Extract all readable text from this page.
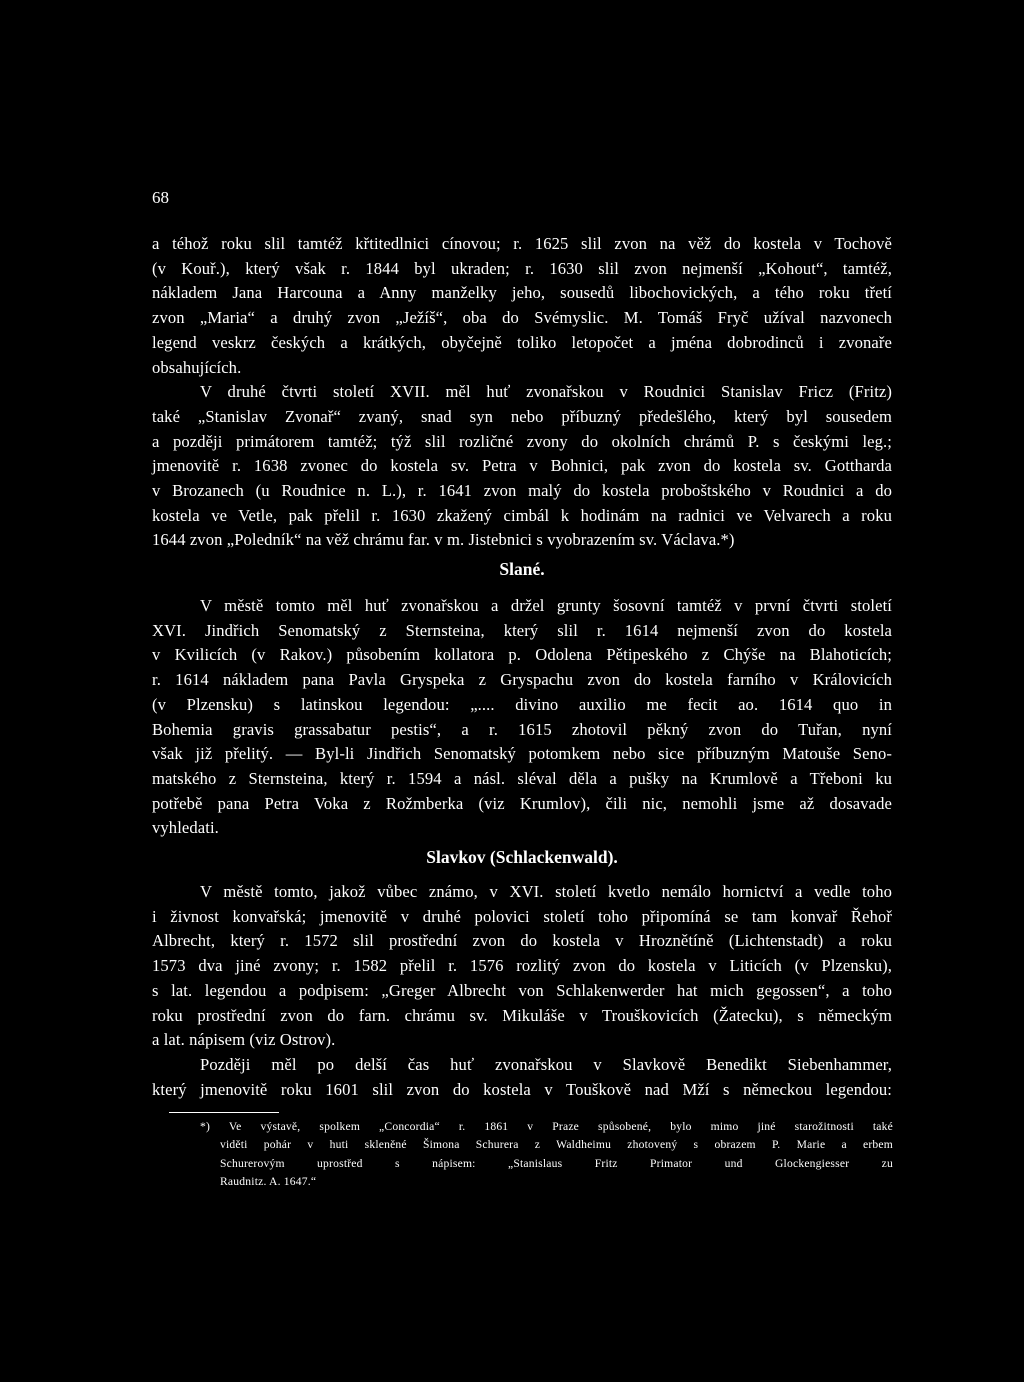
68
a téhož roku slil tamtéž křtitedlnici cínovou; r. 1625 slil zvon na věž do kostela v Tochově
(v Kouř.), který však r. 1844 byl ukraden; r. 1630 slil zvon nejmenší „Kohout“, tamtéž,
nákladem Jana Harcouna a Anny manželky jeho, sousedů libochovických, a tého roku třetí
zvon „Maria“ a druhý zvon „Ježíš“, oba do Svémyslic. M. Tomáš Fryč užíval nazvonech
legend veskrz českých a krátkých, obyčejně toliko letopočet a jména dobrodinců i zvonaře
obsahujících.
V druhé čtvrti století XVII. měl huť zvonařskou v Roudnici Stanislav Fricz (Fritz)
také „Stanislav Zvonař“ zvaný, snad syn nebo příbuzný předešlého, který byl sousedem
a později primátorem tamtéž; týž slil rozličné zvony do okolních chrámů P. s českými leg.;
jmenovitě r. 1638 zvonec do kostela sv. Petra v Bohnici, pak zvon do kostela sv. Gottharda
v Brozanech (u Roudnice n. L.), r. 1641 zvon malý do kostela proboštského v Roudnici a do
kostela ve Vetle, pak přelil r. 1630 zkažený cimbál k hodinám na radnici ve Velvarech a roku
1644 zvon „Poledník“ na věž chrámu far. v m. Jistebnici s vyobrazením sv. Václava.*)
Slané.
V městě tomto měl huť zvonařskou a držel grunty šosovní tamtéž v první čtvrti století
XVI. Jindřich Senomatský z Sternsteina, který slil r. 1614 nejmenší zvon do kostela
v Kvilicích (v Rakov.) působením kollatora p. Odolena Pětipeského z Chýše na Blahoticích;
r. 1614 nákladem pana Pavla Gryspeka z Gryspachu zvon do kostela farního v Královicích
(v Plzensku) s latinskou legendou: „.... divino auxilio me fecit ao. 1614 quo in
Bohemia gravis grassabatur pestis“, a r. 1615 zhotovil pěkný zvon do Tuřan, nyní
však již přelitý. — Byl-li Jindřich Senomatský potomkem nebo sice příbuzným Matouše Seno-
matského z Sternsteina, který r. 1594 a násl. sléval děla a pušky na Krumlově a Třeboni ku
potřebě pana Petra Voka z Rožmberka (viz Krumlov), čili nic, nemohli jsme až dosavade
vyhledati.
Slavkov (Schlackenwald).
V městě tomto, jakož vůbec známo, v XVI. století kvetlo nemálo hornictví a vedle toho
i živnost konvařská; jmenovitě v druhé polovici století toho připomíná se tam konvař Řehoř
Albrecht, který r. 1572 slil prostřední zvon do kostela v Hroznětíně (Lichtenstadt) a roku
1573 dva jiné zvony; r. 1582 přelil r. 1576 rozlitý zvon do kostela v Liticích (v Plzensku),
s lat. legendou a podpisem: „Greger Albrecht von Schlakenwerder hat mich gegossen“, a toho
roku prostřední zvon do farn. chrámu sv. Mikuláše v Trouškovicích (Žatecku), s německým
a lat. nápisem (viz Ostrov).
Později měl po delší čas huť zvonařskou v Slavkově Benedikt Siebenhammer,
který jmenovitě roku 1601 slil zvon do kostela v Touškově nad Mží s německou legendou:
*) Ve výstavě, spolkem „Concordia“ r. 1861 v Praze spůsobené, bylo mimo jiné starožitnosti také
viděti pohár v huti skleněné Šimona Schurera z Waldheimu zhotovený s obrazem P. Marie a erbem
Schurerovým uprostřed s nápisem: „Stanislaus Fritz Primator und Glockengiesser zu
Raudnitz. A. 1647.“
